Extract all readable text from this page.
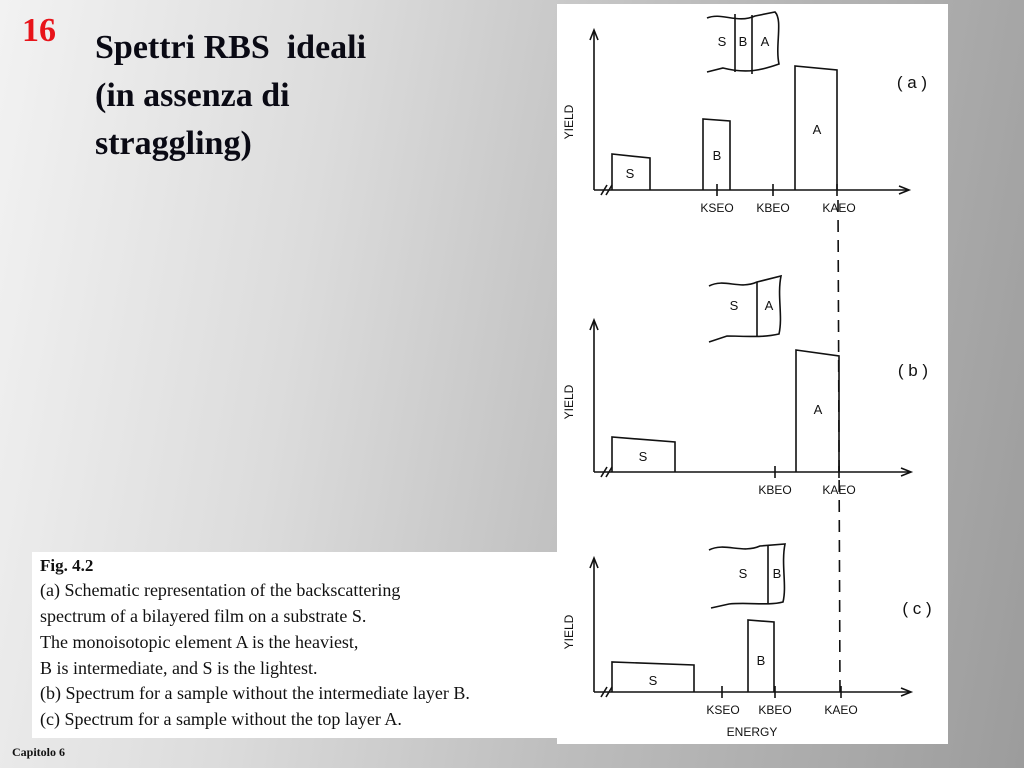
16 Spettri RBS  ideali
(in assenza di
straggling)
Fig. 4.2
(a) Schematic representation of the backscattering
spectrum of a bilayered film on a substrate S.
The monoisotopic element A is the heaviest,
B is intermediate, and S is the lightest.
(b) Spectrum for a sample without the intermediate layer B.
(c) Spectrum for a sample without the top layer A.
Capitolo 6
YIELD
( a )
S B A
S
B
A
KSEO KBEO	KAEO
YIELD
( b )
S A
S
A
KBEO	KAEO
YIELD
( c )
S B
S
B
KSEO KBEO	KAEO
ENERGY
